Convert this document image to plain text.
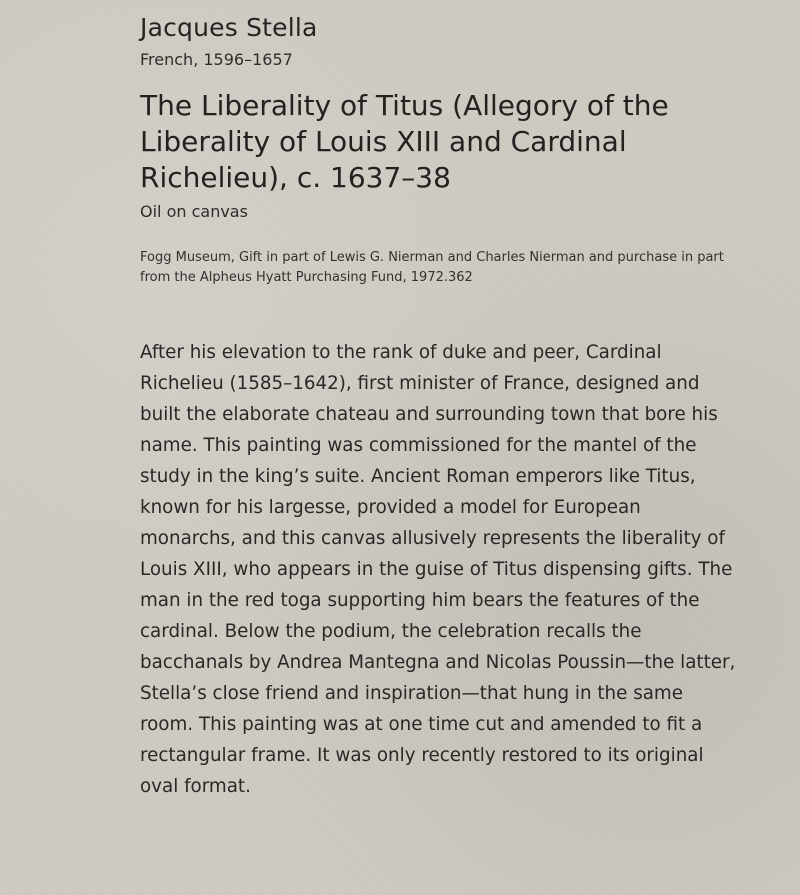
Jacques Stella

French, 1596–1657

The Liberality of Titus (Allegory of the Liberality of Louis XIII and Cardinal Richelieu), c. 1637–38

Oil on canvas

Fogg Museum, Gift in part of Lewis G. Nierman and Charles Nierman and purchase in part from the Alpheus Hyatt Purchasing Fund, 1972.362

After his elevation to the rank of duke and peer, Cardinal Richelieu (1585–1642), first minister of France, designed and built the elaborate chateau and surrounding town that bore his name. This painting was commissioned for the mantel of the study in the king’s suite. Ancient Roman emperors like Titus, known for his largesse, provided a model for European monarchs, and this canvas allusively represents the liberality of Louis XIII, who appears in the guise of Titus dispensing gifts. The man in the red toga supporting him bears the features of the cardinal. Below the podium, the celebration recalls the bacchanals by Andrea Mantegna and Nicolas Poussin—the latter, Stella’s close friend and inspiration—that hung in the same room. This painting was at one time cut and amended to fit a rectangular frame. It was only recently restored to its original oval format.
